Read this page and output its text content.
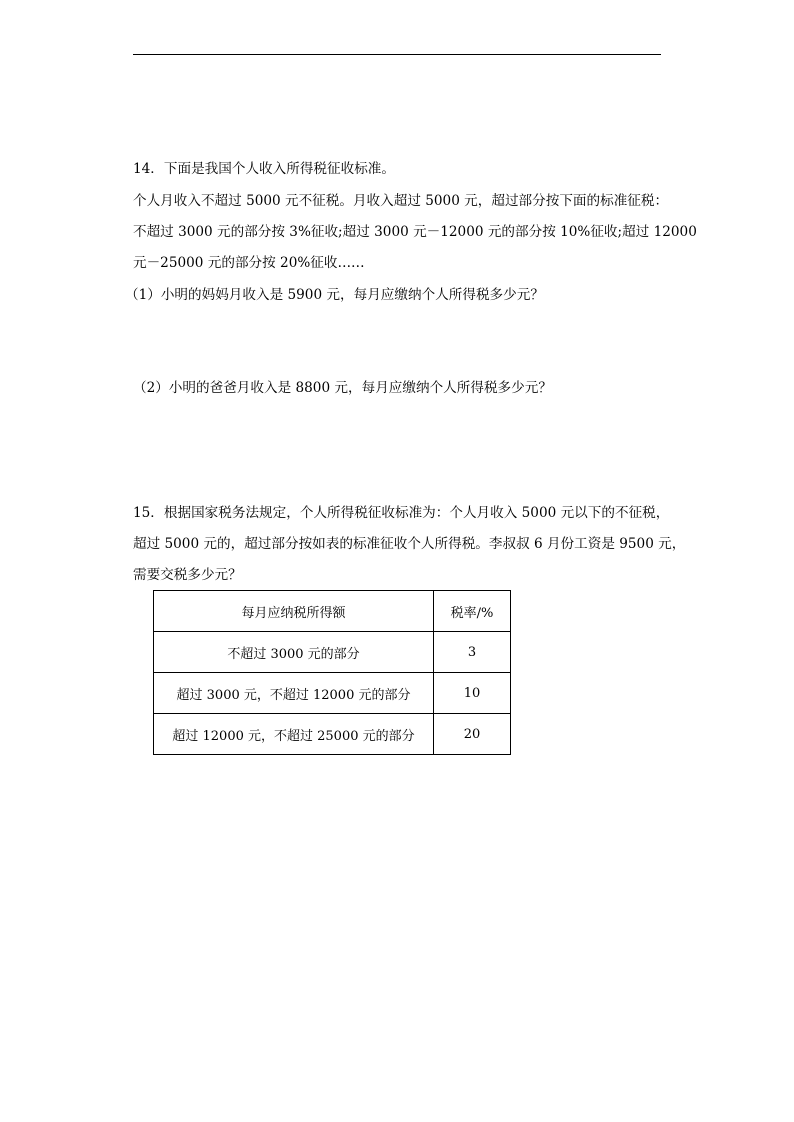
14．下面是我国个人收入所得税征收标准。
个人月收入不超过 5000 元不征税。月收入超过 5000 元，超过部分按下面的标准征税：
不超过 3000 元的部分按 3%征收;超过 3000 元－12000 元的部分按 10%征收;超过 12000
元－25000 元的部分按 20%征收……
（1）小明的妈妈月收入是 5900 元，每月应缴纳个人所得税多少元？
（2）小明的爸爸月收入是 8800 元，每月应缴纳个人所得税多少元？
15．根据国家税务法规定，个人所得税征收标准为：个人月收入 5000 元以下的不征税，
超过 5000 元的，超过部分按如表的标准征收个人所得税。李叔叔 6 月份工资是 9500 元，
需要交税多少元？
每月应纳税所得额	税率/%
不超过 3000 元的部分	3
超过 3000 元，不超过 12000 元的部分	10
超过 12000 元，不超过 25000 元的部分	20
